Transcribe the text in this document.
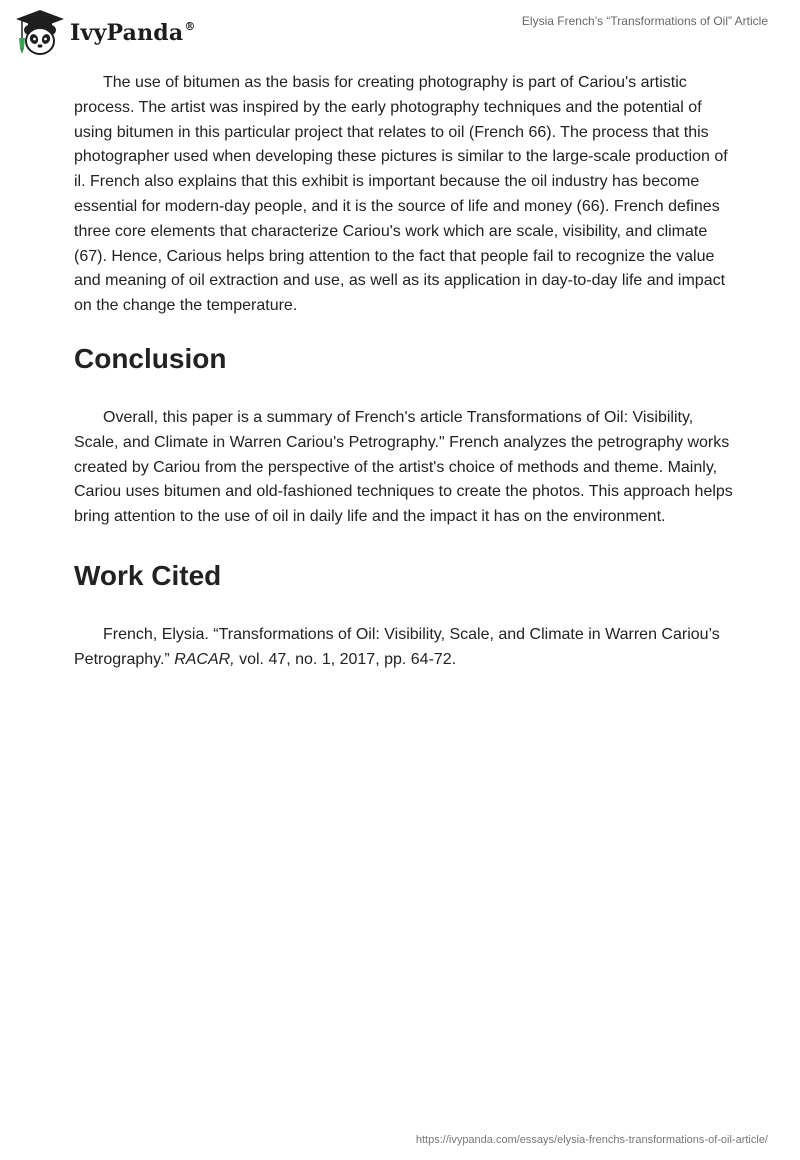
IvyPanda®	Elysia French’s “Transformations of Oil” Article

The use of bitumen as the basis for creating photography is part of Cariou's artistic process. The artist was inspired by the early photography techniques and the potential of using bitumen in this particular project that relates to oil (French 66). The process that this photographer used when developing these pictures is similar to the large-scale production of il. French also explains that this exhibit is important because the oil industry has become essential for modern-day people, and it is the source of life and money (66). French defines three core elements that characterize Cariou's work which are scale, visibility, and climate (67). Hence, Carious helps bring attention to the fact that people fail to recognize the value and meaning of oil extraction and use, as well as its application in day-to-day life and impact on the change the temperature.

Conclusion

Overall, this paper is a summary of French's article Transformations of Oil: Visibility, Scale, and Climate in Warren Cariou's Petrography." French analyzes the petrography works created by Cariou from the perspective of the artist's choice of methods and theme. Mainly, Cariou uses bitumen and old-fashioned techniques to create the photos. This approach helps bring attention to the use of oil in daily life and the impact it has on the environment.

Work Cited

French, Elysia. “Transformations of Oil: Visibility, Scale, and Climate in Warren Cariou’s Petrography.” RACAR, vol. 47, no. 1, 2017, pp. 64-72.

https://ivypanda.com/essays/elysia-frenchs-transformations-of-oil-article/
